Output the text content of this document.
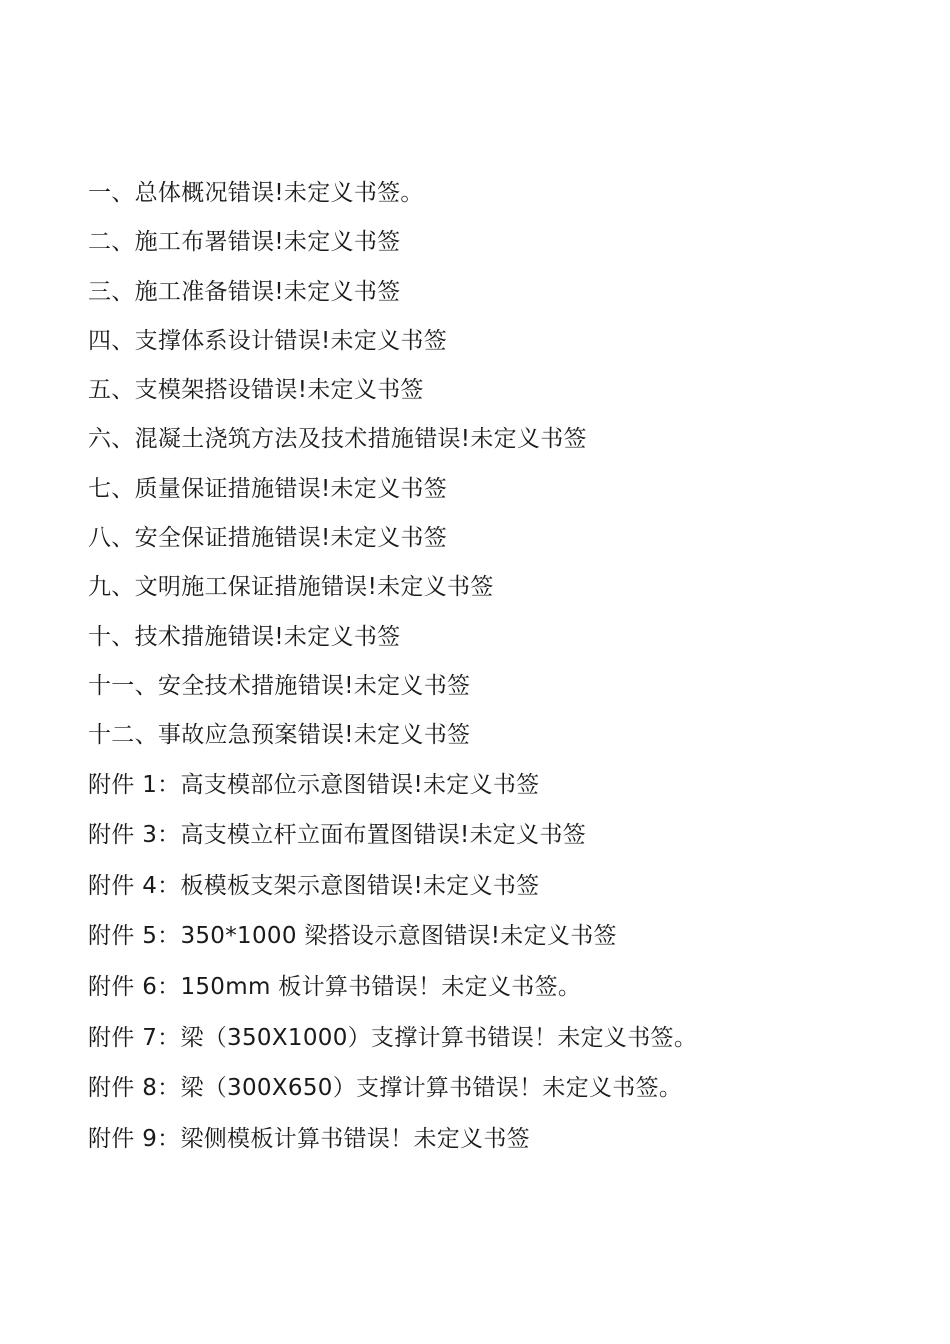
一、总体概况错误!未定义书签。
二、施工布署错误!未定义书签
三、施工准备错误!未定义书签
四、支撑体系设计错误!未定义书签
五、支模架搭设错误!未定义书签
六、混凝土浇筑方法及技术措施错误!未定义书签
七、质量保证措施错误!未定义书签
八、安全保证措施错误!未定义书签
九、文明施工保证措施错误!未定义书签
十、技术措施错误!未定义书签
十一、安全技术措施错误!未定义书签
十二、事故应急预案错误!未定义书签
附件 1：高支模部位示意图错误!未定义书签
附件 3：高支模立杆立面布置图错误!未定义书签
附件 4：板模板支架示意图错误!未定义书签
附件 5：350*1000 梁搭设示意图错误!未定义书签
附件 6：150mm 板计算书错误！未定义书签。
附件 7：梁（350X1000）支撑计算书错误！未定义书签。
附件 8：梁（300X650）支撑计算书错误！未定义书签。
附件 9：梁侧模板计算书错误！未定义书签
